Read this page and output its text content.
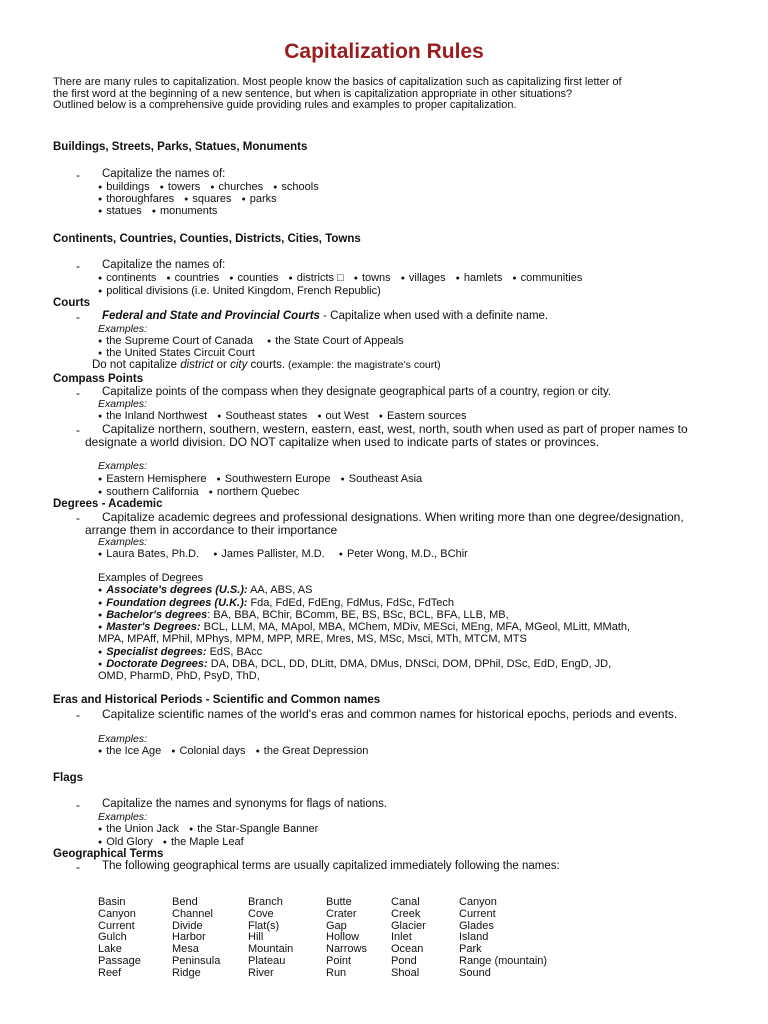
Capitalization Rules

There are many rules to capitalization. Most people know the basics of capitalization such as capitalizing first letter of

the first word at the beginning of a new sentence, but when is capitalization appropriate in other situations?

Outlined below is a comprehensive guide providing rules and examples to proper capitalization.

Buildings, Streets, Parks, Statues, Monuments
- Capitalize the names of:
● buildings ● towers ● churches ● schools
● thoroughfares ● squares ● parks
● statues ● monuments
Continents, Countries, Counties, Districts, Cities, Towns
- Capitalize the names of:
● continents ● countries ● counties ● districts □ ● towns ● villages ● hamlets ● communities
● political divisions (i.e. United Kingdom, French Republic)
Courts
- Federal and State and Provincial Courts - Capitalize when used with a definite name.
Examples:
● the Supreme Court of Canada ● the State Court of Appeals
● the United States Circuit Court
Do not capitalize district or city courts. (example: the magistrate’s court)
Compass Points
- Capitalize points of the compass when they designate geographical parts of a country, region or city.
Examples:
● the Inland Northwest ● Southeast states ● out West ● Eastern sources
-	Capitalize northern, southern, western, eastern, east, west, north, south when used as part of proper names to designate a world division. DO NOT capitalize when used to indicate parts of states or provinces.
Examples:
● Eastern Hemisphere ● Southwestern Europe ● Southeast Asia
● southern California ● northern Quebec
Degrees - Academic
-	Capitalize academic degrees and professional designations. When writing more than one degree/designation, arrange them in accordance to their importance
Examples:
● Laura Bates, Ph.D. ● James Pallister, M.D. ● Peter Wong, M.D., BChir
Examples of Degrees
● Associate's degrees (U.S.): AA, ABS, AS
● Foundation degrees (U.K.): Fda, FdEd, FdEng, FdMus, FdSc, FdTech
● Bachelor's degrees: BA, BBA, BChir, BComm, BE, BS, BSc, BCL, BFA, LLB, MB,
● Master's Degrees: BCL, LLM, MA, MApol, MBA, MChem, MDiv, MESci, MEng, MFA, MGeol, MLitt, MMath,
MPA, MPAff, MPhil, MPhys, MPM, MPP, MRE, Mres, MS, MSc, Msci, MTh, MTCM, MTS
● Specialist degrees: EdS, BAcc
● Doctorate Degrees: DA, DBA, DCL, DD, DLitt, DMA, DMus, DNSci, DOM, DPhil, DSc, EdD, EngD, JD,
OMD, PharmD, PhD, PsyD, ThD,
Eras and Historical Periods - Scientific and Common names
-	Capitalize scientific names of the world's eras and common names for historical epochs, periods and events.
Examples:
● the Ice Age ● Colonial days ● the Great Depression
Flags
- Capitalize the names and synonyms for flags of nations.
Examples:
● the Union Jack ● the Star-Spangle Banner
● Old Glory ● the Maple Leaf
Geographical Terms
- The following geographical terms are usually capitalized immediately following the names:
Basin	Bend	Branch	Butte	Canal	Canyon
Canyon	Channel	Cove	Crater	Creek	Current
Current	Divide	Flat(s)	Gap	Glacier	Glades
Gulch	Harbor	Hill	Hollow	Inlet	Island
Lake	Mesa	Mountain	Narrows	Ocean	Park
Passage	Peninsula	Plateau	Point	Pond	Range (mountain)
Reef	Ridge	River	Run	Shoal	Sound
